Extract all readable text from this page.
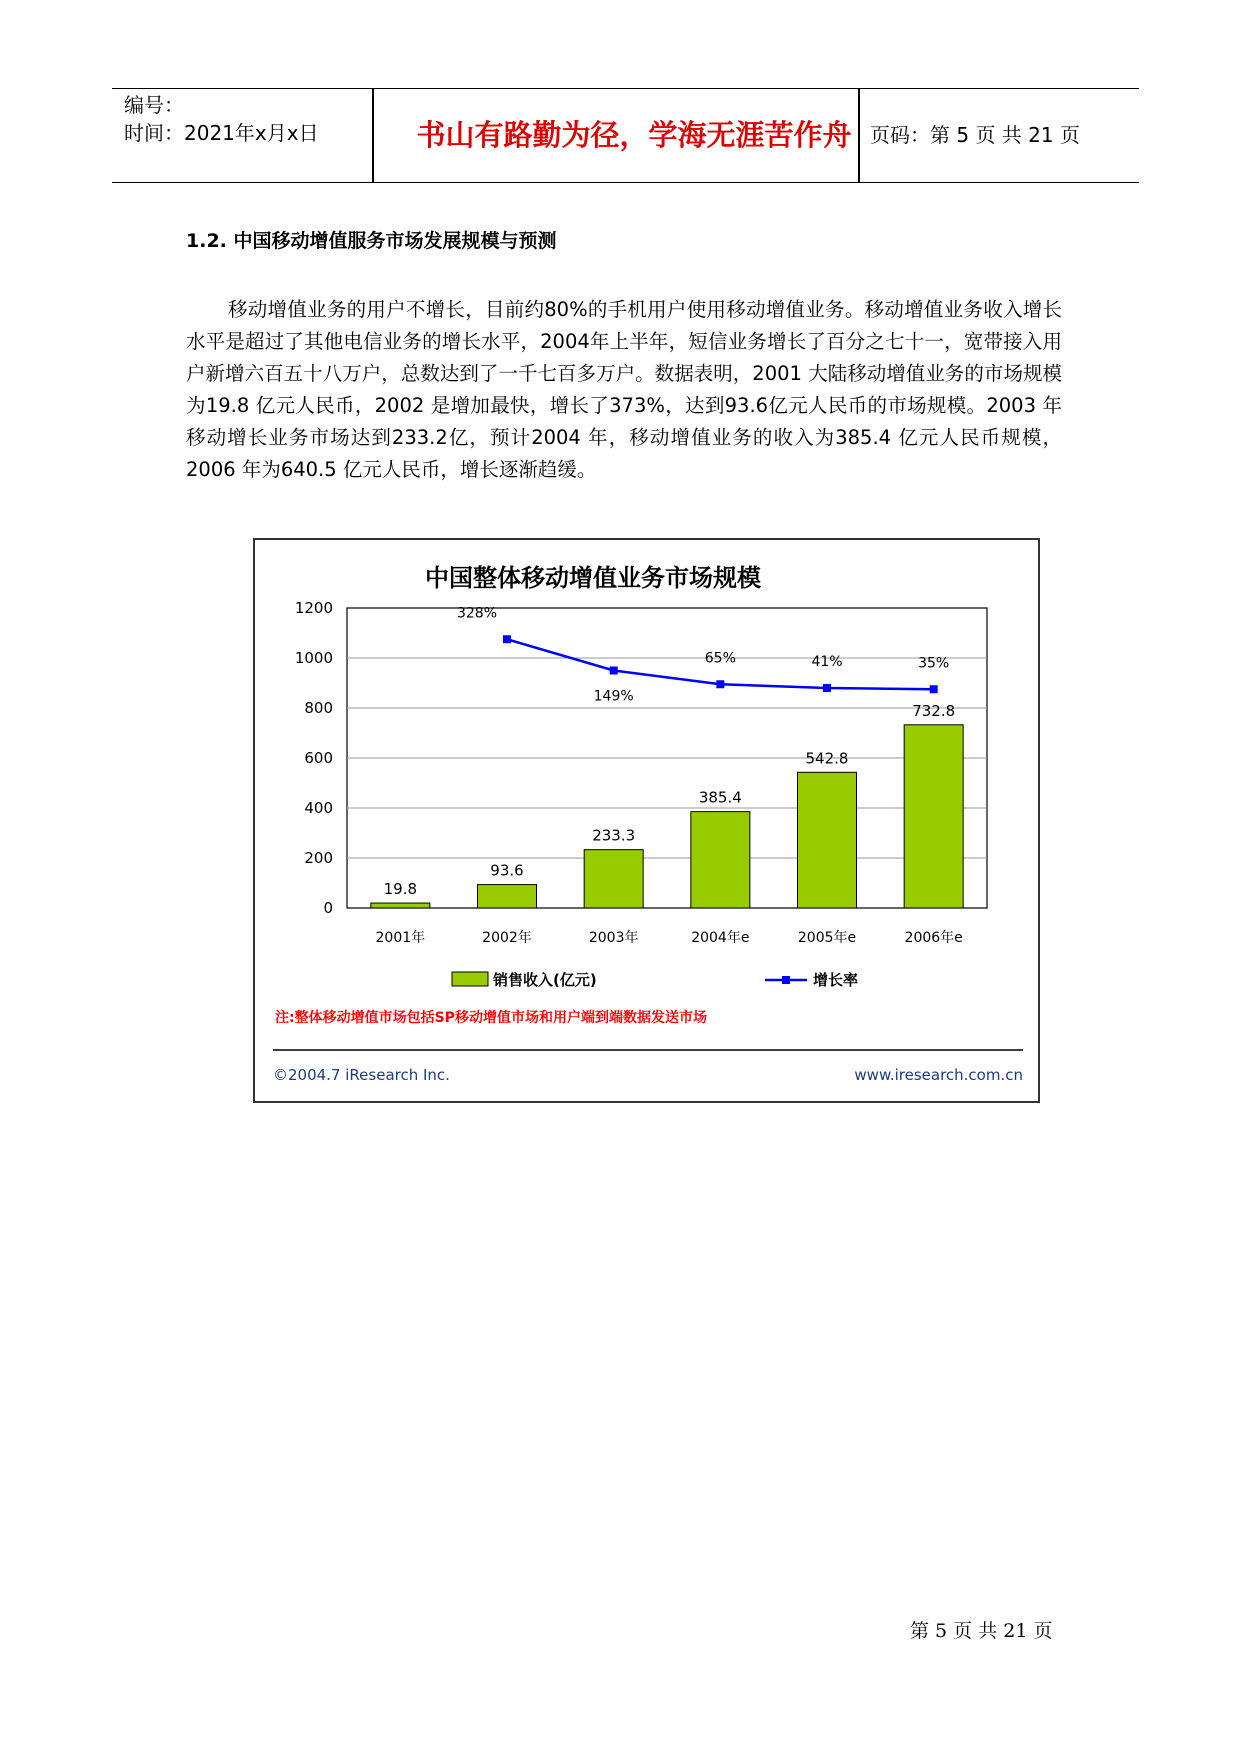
编号：
时间：2021年x月x日	书山有路勤为径，学海无涯苦作舟 页码：第 5 页 共 21 页
1.2. 中国移动增值服务市场发展规模与预测

移动增值业务的用户不增长，目前约80%的手机用户使用移动增值业务。移动增值业务收入增长水平是超过了其他电信业务的增长水平，2004年上半年，短信业务增长了百分之七十一，宽带接入用户新增六百五十八万户，总数达到了一千七百多万户。数据表明，2001 大陆移动增值业务的市场规模为19.8 亿元人民币，2002 是增加最快，增长了373%，达到93.6亿元人民币的市场规模。2003 年移动增长业务市场达到233.2亿，预计2004 年，移动增值业务的收入为385.4 亿元人民币规模，2006 年为640.5 亿元人民币，增长逐渐趋缓。

中国整体移动增值业务市场规模
0
200
400
600
800
1000
1200
19.8
2001年
93.6
2002年
233.3
2003年
385.4
2004年e
542.8
2005年e
732.8
2006年e
328%
149%
65%	41%	35%
销售收入(亿元)	增长率
©2004.7 iResearch Inc.	www.iresearch.com.cn
注:整体移动增值市场包括SP移动增值市场和用户端到端数据发送市场
第 5 页 共 21 页
